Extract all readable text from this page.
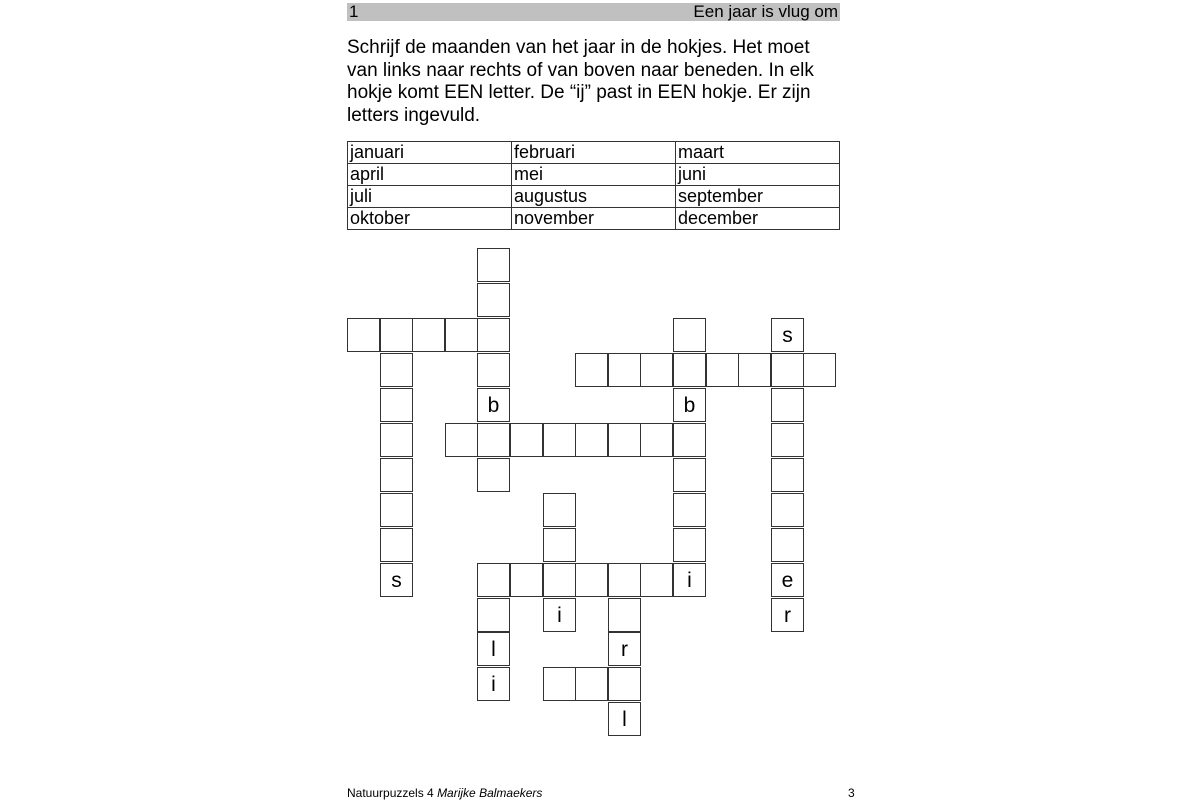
1	Een jaar is vlug om

Schrijf de maanden van het jaar in de hokjes. Het moet van links naar rechts of van boven naar beneden. In elk hokje komt EEN letter. De “ij” past in EEN hokje. Er zijn letters ingevuld.

januari	februari	maart
april	mei	juni
juli	augustus	september
oktober	november	december
s
b	b
s	i	e
i	r
l	r
i
l
Natuurpuzzels 4 Marijke Balmaekers	3
